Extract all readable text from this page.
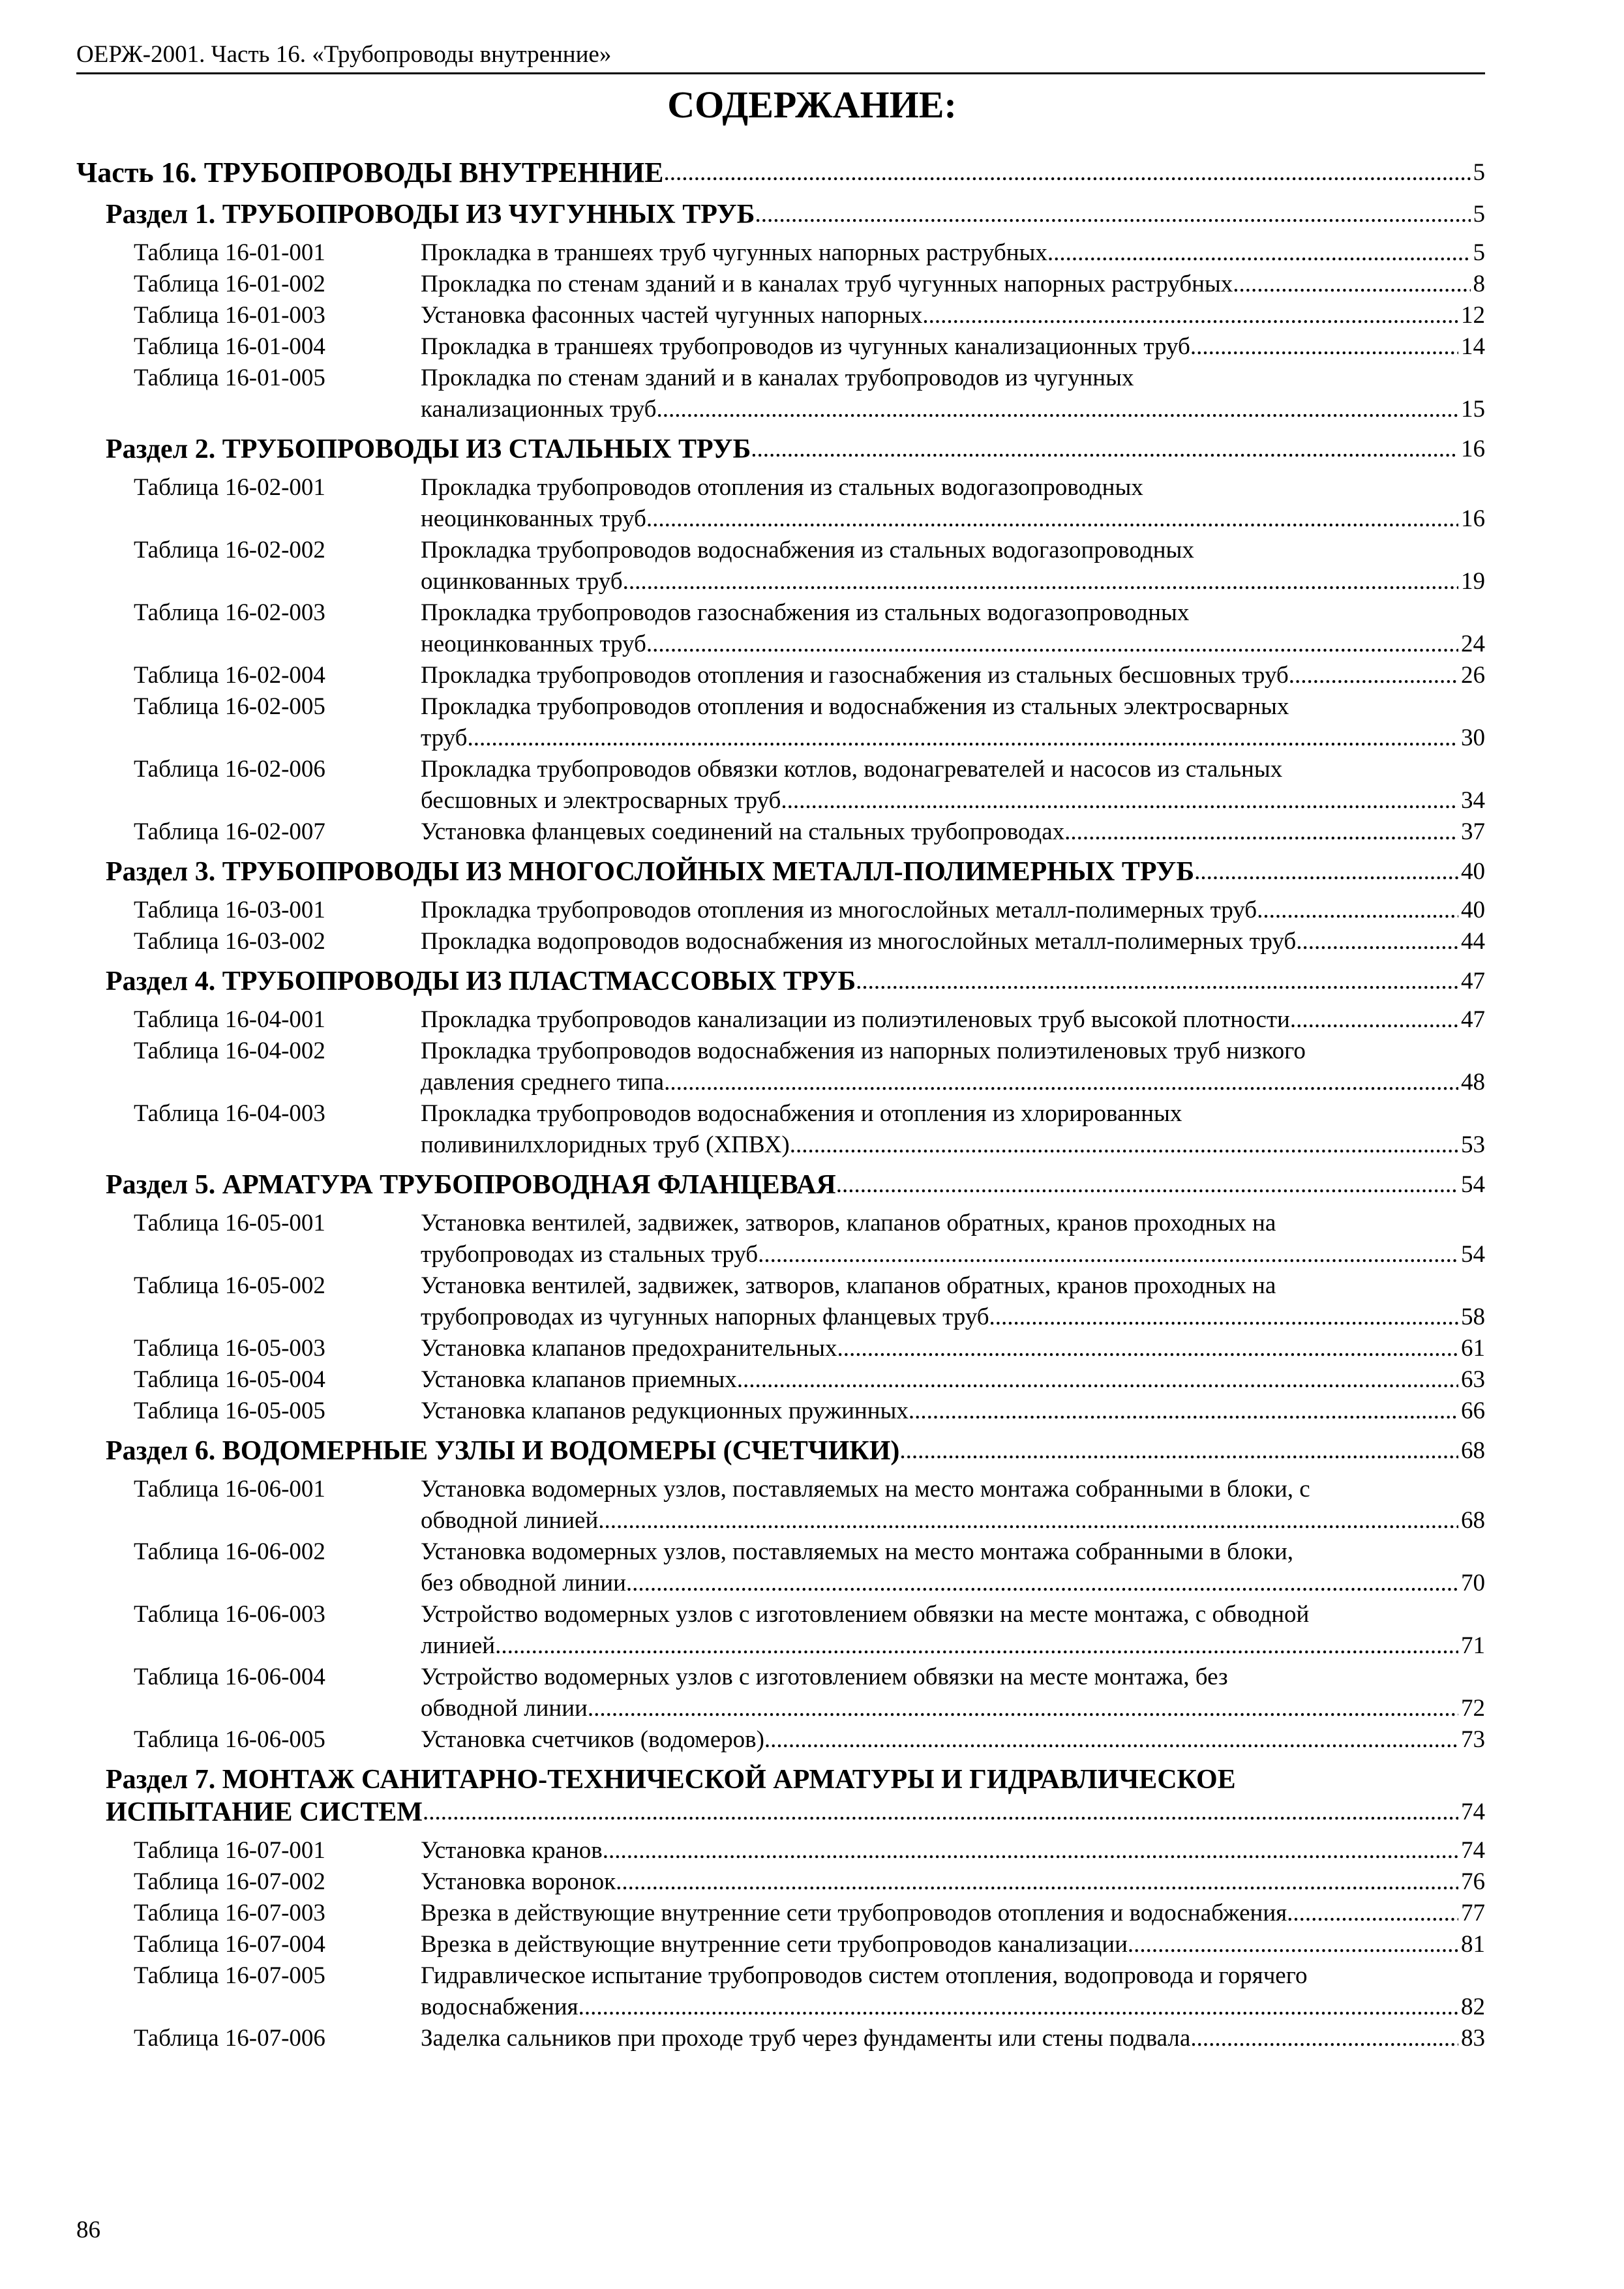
ОЕРЖ-2001. Часть 16. «Трубопроводы внутренние»
СОДЕРЖАНИЕ:
Часть 16. ТРУБОПРОВОДЫ ВНУТРЕННИЕ .....	5
Раздел 1. ТРУБОПРОВОДЫ ИЗ ЧУГУННЫХ ТРУБ .....	5
Таблица 16-01-001	Прокладка в траншеях труб чугунных напорных раструбных .....	5
Таблица 16-01-002	Прокладка по стенам зданий и в каналах труб чугунных напорных раструбных .....	8
Таблица 16-01-003	Установка фасонных частей чугунных напорных .....	12
Таблица 16-01-004	Прокладка в траншеях трубопроводов из чугунных канализационных труб .....	14
Таблица 16-01-005	Прокладка по стенам зданий и в каналах трубопроводов из чугунных
канализационных труб .....	15
Раздел 2. ТРУБОПРОВОДЫ ИЗ СТАЛЬНЫХ ТРУБ .....	16
Таблица 16-02-001	Прокладка трубопроводов отопления из стальных водогазопроводных
неоцинкованных труб .....	16
Таблица 16-02-002	Прокладка трубопроводов водоснабжения из стальных водогазопроводных
оцинкованных труб .....	19
Таблица 16-02-003	Прокладка трубопроводов газоснабжения из стальных водогазопроводных
неоцинкованных труб .....	24
Таблица 16-02-004	Прокладка трубопроводов отопления и газоснабжения из стальных бесшовных труб .....	26
Таблица 16-02-005	Прокладка трубопроводов отопления и водоснабжения из стальных электросварных
труб .....	30
Таблица 16-02-006	Прокладка трубопроводов обвязки котлов, водонагревателей и насосов из стальных
бесшовных и электросварных труб .....	34
Таблица 16-02-007	Установка фланцевых соединений на стальных трубопроводах .....	37
Раздел 3. ТРУБОПРОВОДЫ ИЗ МНОГОСЛОЙНЫХ МЕТАЛЛ-ПОЛИМЕРНЫХ ТРУБ .....	40
Таблица 16-03-001	Прокладка трубопроводов отопления из многослойных металл-полимерных труб .....	40
Таблица 16-03-002	Прокладка водопроводов водоснабжения из многослойных металл-полимерных труб .....	44
Раздел 4. ТРУБОПРОВОДЫ ИЗ ПЛАСТМАССОВЫХ ТРУБ .....	47
Таблица 16-04-001	Прокладка трубопроводов канализации из полиэтиленовых труб высокой плотности .....	47
Таблица 16-04-002	Прокладка трубопроводов водоснабжения из напорных полиэтиленовых труб низкого
давления среднего типа .....	48
Таблица 16-04-003	Прокладка трубопроводов водоснабжения и отопления из хлорированных
поливинилхлоридных труб (ХПВХ) .....	53
Раздел 5. АРМАТУРА ТРУБОПРОВОДНАЯ ФЛАНЦЕВАЯ .....	54
Таблица 16-05-001	Установка вентилей, задвижек, затворов, клапанов обратных, кранов проходных на
трубопроводах из стальных труб .....	54
Таблица 16-05-002	Установка вентилей, задвижек, затворов, клапанов обратных, кранов проходных на
трубопроводах из чугунных напорных фланцевых труб .....	58
Таблица 16-05-003	Установка клапанов предохранительных .....	61
Таблица 16-05-004	Установка клапанов приемных .....	63
Таблица 16-05-005	Установка клапанов редукционных пружинных .....	66
Раздел 6. ВОДОМЕРНЫЕ УЗЛЫ И ВОДОМЕРЫ (СЧЕТЧИКИ) .....	68
Таблица 16-06-001	Установка водомерных узлов, поставляемых на место монтажа собранными в блоки, с
обводной линией .....	68
Таблица 16-06-002	Установка водомерных узлов, поставляемых на место монтажа собранными в блоки,
без обводной линии .....	70
Таблица 16-06-003	Устройство водомерных узлов с изготовлением обвязки на месте монтажа, с обводной
линией .....	71
Таблица 16-06-004	Устройство водомерных узлов с изготовлением обвязки на месте монтажа, без
обводной линии .....	72
Таблица 16-06-005	Установка счетчиков (водомеров) .....	73
Раздел 7. МОНТАЖ САНИТАРНО-ТЕХНИЧЕСКОЙ АРМАТУРЫ И ГИДРАВЛИЧЕСКОЕ
ИСПЫТАНИЕ СИСТЕМ .....	74
Таблица 16-07-001	Установка кранов .....	74
Таблица 16-07-002	Установка воронок .....	76
Таблица 16-07-003	Врезка в действующие внутренние сети трубопроводов отопления и водоснабжения .....	77
Таблица 16-07-004	Врезка в действующие внутренние сети трубопроводов канализации .....	81
Таблица 16-07-005	Гидравлическое испытание трубопроводов систем отопления, водопровода и горячего
водоснабжения .....	82
Таблица 16-07-006	Заделка сальников при проходе труб через фундаменты или стены подвала .....	83
86
